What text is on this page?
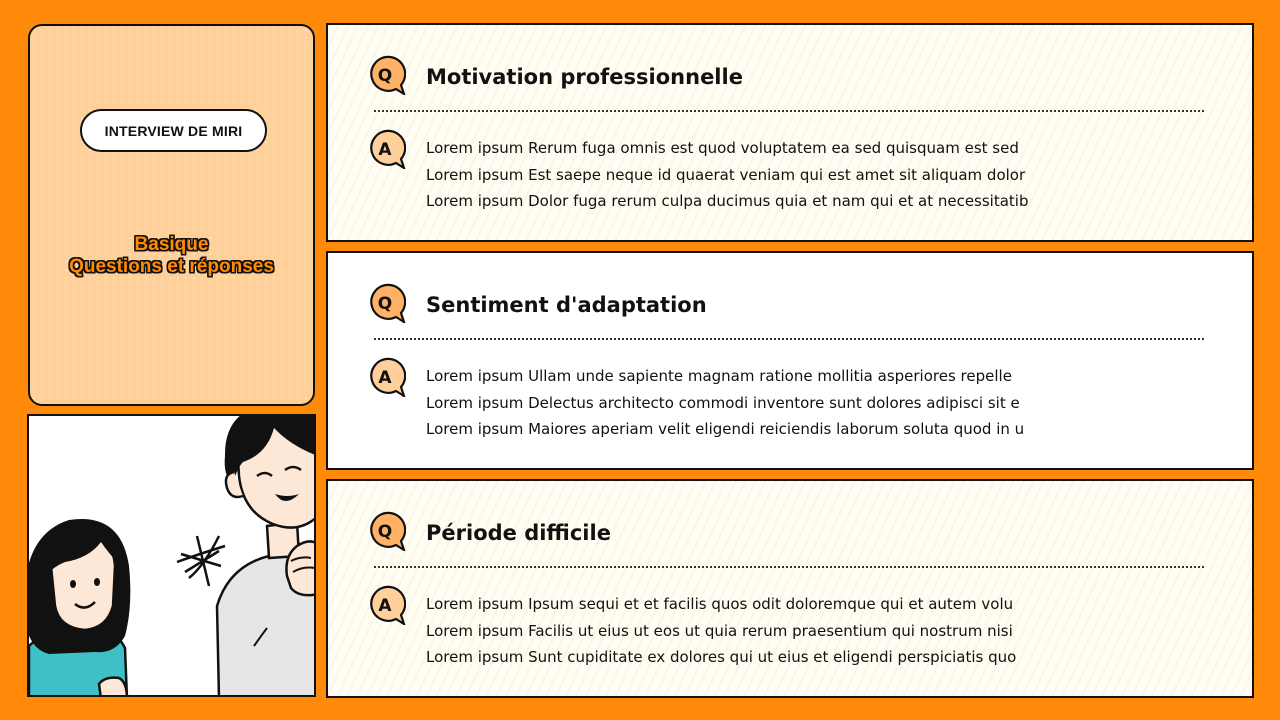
INTERVIEW DE MIRI
Basique
Questions et réponses
Q Motivation professionnelle
A Lorem ipsum Rerum fuga omnis est quod voluptatem ea sed quisquam est sed
Lorem ipsum Est saepe neque id quaerat veniam qui est amet sit aliquam dolor
Lorem ipsum Dolor fuga rerum culpa ducimus quia et nam qui et at necessitatib
Q Sentiment d'adaptation
A Lorem ipsum Ullam unde sapiente magnam ratione mollitia asperiores repelle
Lorem ipsum Delectus architecto commodi inventore sunt dolores adipisci sit e
Lorem ipsum Maiores aperiam velit eligendi reiciendis laborum soluta quod in u
Q Période difficile
A Lorem ipsum Ipsum sequi et et facilis quos odit doloremque qui et autem volu
Lorem ipsum Facilis ut eius ut eos ut quia rerum praesentium qui nostrum nisi
Lorem ipsum Sunt cupiditate ex dolores qui ut eius et eligendi perspiciatis quo
